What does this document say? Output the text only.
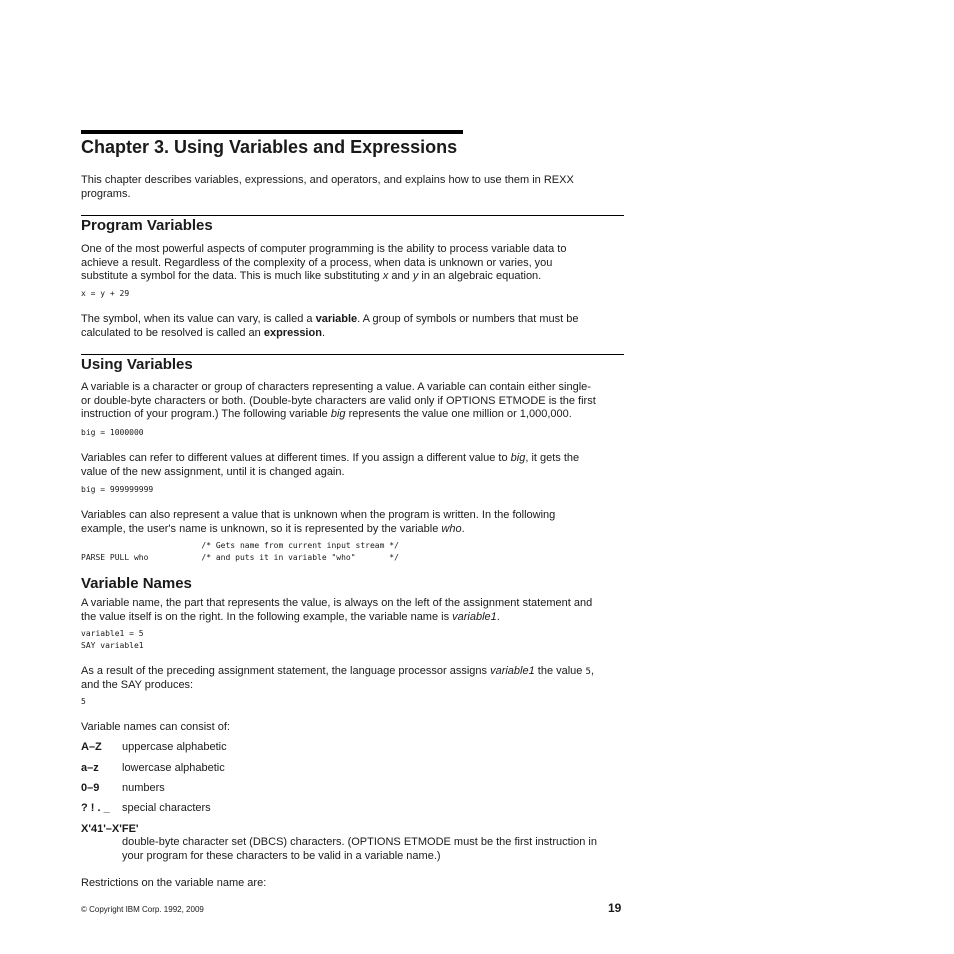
Chapter 3. Using Variables and Expressions

This chapter describes variables, expressions, and operators, and explains how to use them in REXX
programs.

Program Variables

One of the most powerful aspects of computer programming is the ability to process variable data to
achieve a result. Regardless of the complexity of a process, when data is unknown or varies, you
substitute a symbol for the data. This is much like substituting x and y in an algebraic equation.

x = y + 29

The symbol, when its value can vary, is called a variable. A group of symbols or numbers that must be
calculated to be resolved is called an expression.

Using Variables

A variable is a character or group of characters representing a value. A variable can contain either single-
or double-byte characters or both. (Double-byte characters are valid only if OPTIONS ETMODE is the first
instruction of your program.) The following variable big represents the value one million or 1,000,000.

big = 1000000

Variables can refer to different values at different times. If you assign a different value to big, it gets the
value of the new assignment, until it is changed again.

big = 999999999

Variables can also represent a value that is unknown when the program is written. In the following
example, the user's name is unknown, so it is represented by the variable who.

/* Gets name from current input stream */
PARSE PULL who           /* and puts it in variable "who"       */
Variable Names

A variable name, the part that represents the value, is always on the left of the assignment statement and
the value itself is on the right. In the following example, the variable name is variable1.

variable1 = 5
SAY variable1

As a result of the preceding assignment statement, the language processor assigns variable1 the value 5,
and the SAY produces:

5

Variable names can consist of:

A–Z uppercase alphabetic
a–z lowercase alphabetic
0–9 numbers
? ! . _ special characters
X'41'–X'FE'

double-byte character set (DBCS) characters. (OPTIONS ETMODE must be the first instruction in
your program for these characters to be valid in a variable name.)

Restrictions on the variable name are:

© Copyright IBM Corp. 1992, 2009	19
